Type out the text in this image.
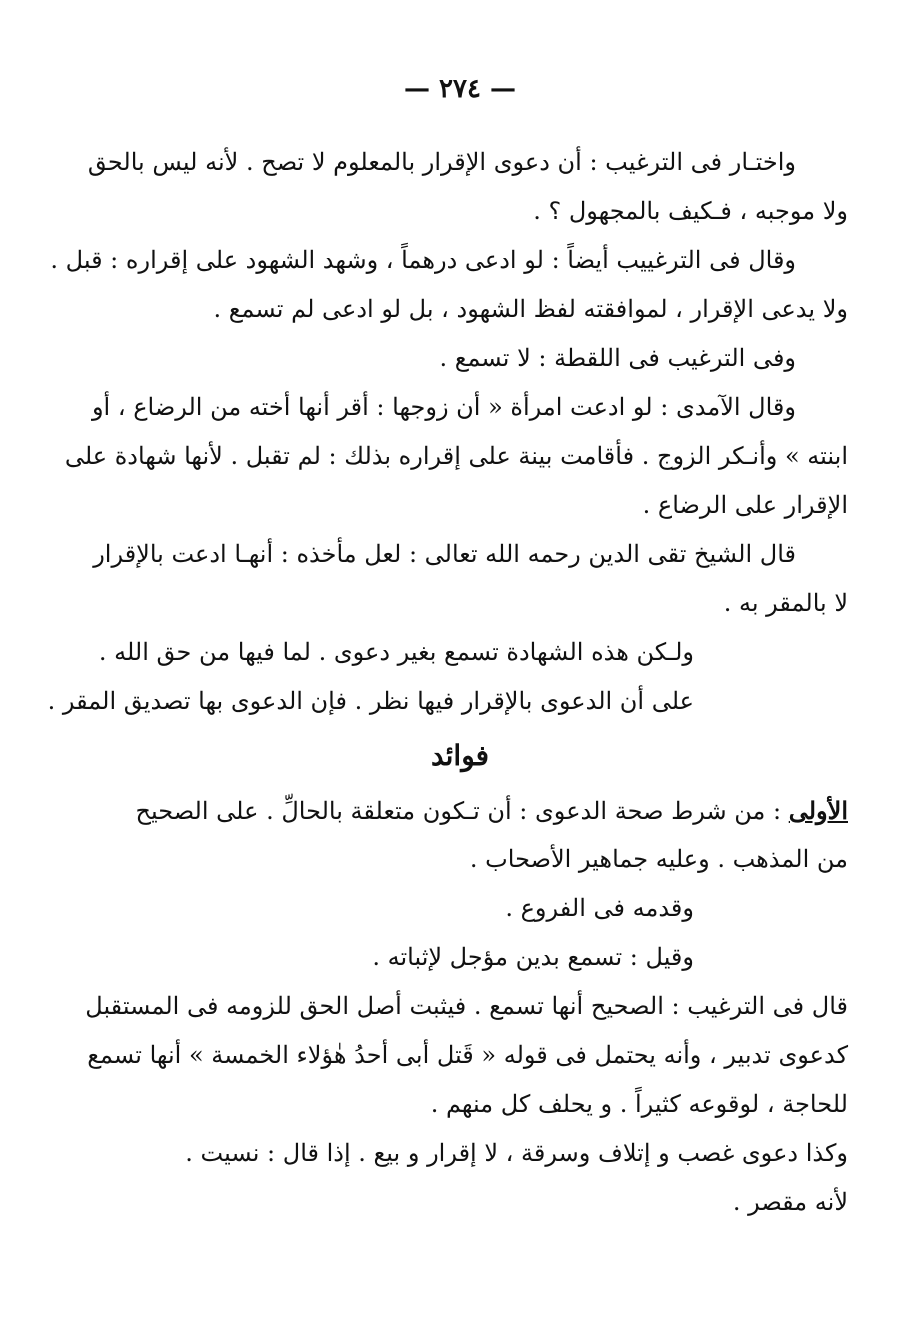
— ٢٧٤ —
واختـار فى الترغيب : أن دعوى الإقرار بالمعلوم لا تصح . لأنه ليس بالحق
ولا موجبه ، فـكيف بالمجهول ؟ .
وقال فى الترغييب أيضاً : لو ادعى درهماً ، وشهد الشهود على إقراره : قبل .
ولا يدعى الإقرار ، لموافقته لفظ الشهود ، بل لو ادعى لم تسمع .
وفى الترغيب فى اللقطة : لا تسمع .
وقال الآمدى : لو ادعت امرأة « أن زوجها : أقر أنها أخته من الرضاع ، أو
ابنته » وأنـكر الزوج . فأقامت بينة على إقراره بذلك : لم تقبل . لأنها شهادة على
الإقرار على الرضاع .
قال الشيخ تقى الدين رحمه الله تعالى : لعل مأخذه : أنهـا ادعت بالإقرار
لا بالمقر به .
ولـكن هذه الشهادة تسمع بغير دعوى . لما فيها من حق الله .
على أن الدعوى بالإقرار فيها نظر . فإن الدعوى بها تصديق المقر .
فوائد
الأولى : من شرط صحة الدعوى : أن تـكون متعلقة بالحالِّ . على الصحيح
من المذهب . وعليه جماهير الأصحاب .
وقدمه فى الفروع .
وقيل : تسمع بدين مؤجل لإثباته .
قال فى الترغيب : الصحيح أنها تسمع . فيثبت أصل الحق للزومه فى المستقبل
كدعوى تدبير ، وأنه يحتمل فى قوله « قَتل أبى أحدُ هٰؤلاء الخمسة » أنها تسمع
للحاجة ، لوقوعه كثيراً . و يحلف كل منهم .
وكذا دعوى غصب و إتلاف وسرقة ، لا إقرار و بيع . إذا قال : نسيت .
لأنه مقصر .
